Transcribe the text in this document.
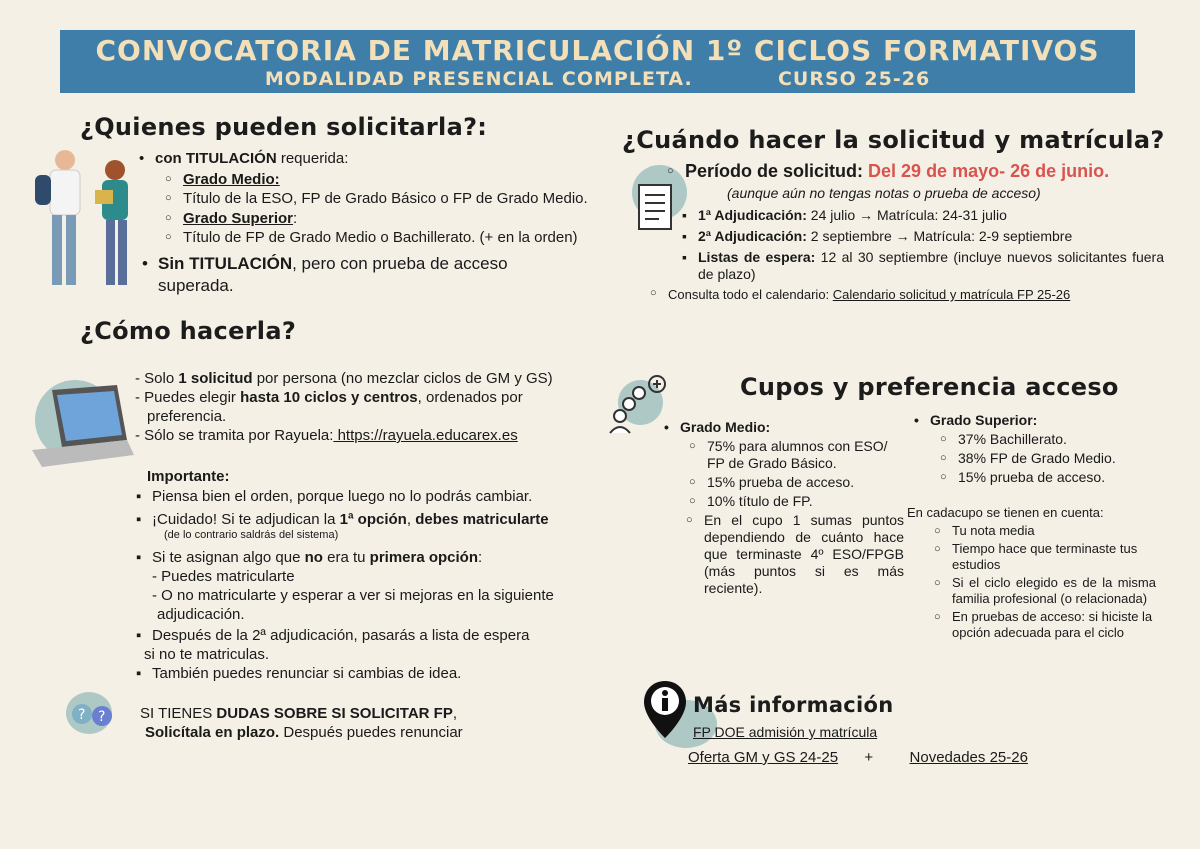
CONVOCATORIA DE MATRICULACIÓN 1º CICLOS FORMATIVOS
MODALIDAD PRESENCIAL COMPLETA.	CURSO 25-26
¿Quienes pueden solicitarla?:
• con TITULACIÓN requerida:
○ Grado Medio:
○ Título de la ESO, FP de Grado Básico o FP de Grado Medio.
○ Grado Superior:
○ Título de FP de Grado Medio o Bachillerato. (+ en la orden)
• Sin TITULACIÓN, pero con prueba de acceso
superada.
¿Cuándo hacer la solicitud y matrícula?
Período de solicitud: Del 29 de mayo- 26 de junio.
(aunque aún no tengas notas o prueba de acceso)
▪ 1ª Adjudicación: 24 julio → Matrícula: 24-31 julio
▪ 2ª Adjudicación: 2 septiembre → Matrícula: 2-9 septiembre
▪ Listas de espera: 12 al 30 septiembre (incluye nuevos solicitantes fuera de plazo)
Consulta todo el calendario: Calendario solicitud y matrícula FP 25-26
¿Cómo hacerla?
- Solo 1 solicitud por persona (no mezclar ciclos de GM y GS)
- Puedes elegir hasta 10 ciclos y centros, ordenados por
preferencia.
- Sólo se tramita por Rayuela: https://rayuela.educarex.es
Importante:
▪ Piensa bien el orden, porque luego no lo podrás cambiar.
▪ ¡Cuidado! Si te adjudican la 1ª opción, debes matricularte
(de lo contrario saldrás del sistema)
▪ Si te asignan algo que no era tu primera opción:
- Puedes matricularte
- O no matricularte y esperar a ver si mejoras en la siguiente
adjudicación.
▪ Después de la 2ª adjudicación, pasarás a lista de espera
si no te matriculas.
▪ También puedes renunciar si cambias de idea.
? ? SI TIENES DUDAS SOBRE SI SOLICITAR FP,
Solicítala en plazo. Después puedes renunciar
Cupos y preferencia acceso
• Grado Medio:
○ 75% para alumnos con ESO/ FP de Grado Básico.
○ 15% prueba de acceso.
○ 10% título de FP.
○ En el cupo 1 sumas puntos dependiendo de cuánto hace que terminaste 4º ESO/FPGB (más puntos si es más reciente).
• Grado Superior:
○ 37% Bachillerato.
○ 38% FP de Grado Medio.
○ 15% prueba de acceso.
En cadacupo se tienen en cuenta:
○ Tu nota media
○ Tiempo hace que terminaste tus estudios
○ Si el ciclo elegido es de la misma familia profesional (o relacionada)
○ En pruebas de acceso: si hiciste la opción adecuada para el ciclo
Más información
FP DOE admisión y matrícula
Oferta GM y GS 24-25 + Novedades 25-26
